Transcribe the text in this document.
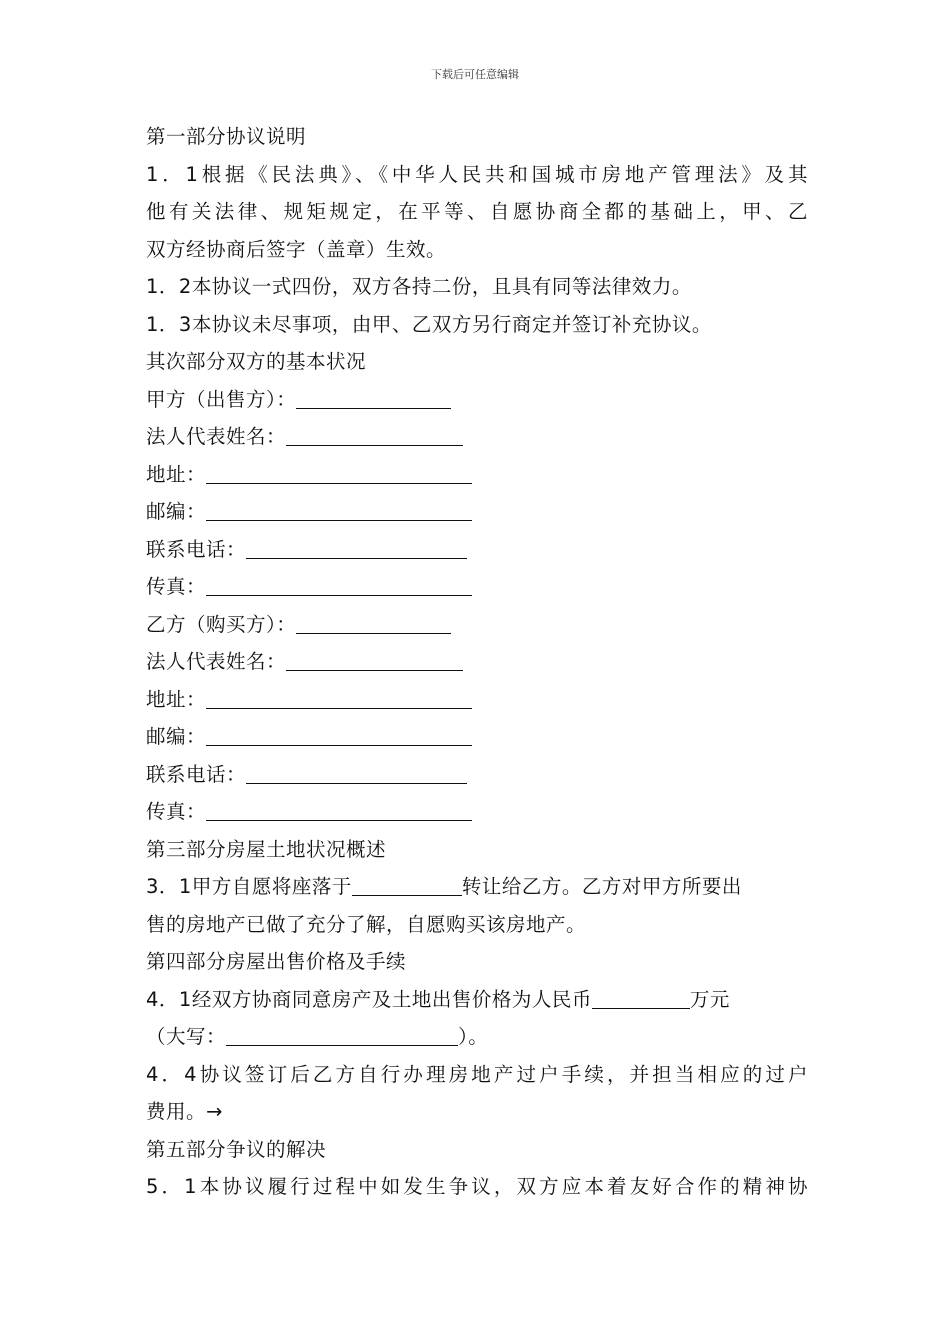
下载后可任意编辑
第一部分协议说明
1．1根据《民法典》、《中华人民共和国城市房地产管理法》及其
他有关法律、规矩规定，在平等、自愿协商全都的基础上，甲、乙
双方经协商后签字（盖章）生效。
1．2本协议一式四份，双方各持二份，且具有同等法律效力。
1．3本协议未尽事项，由甲、乙双方另行商定并签订补充协议。
其次部分双方的基本状况
甲方（出售方）：
法人代表姓名：
地址：
邮编：
联系电话：
传真：
乙方（购买方）：
法人代表姓名：
地址：
邮编：
联系电话：
传真：
第三部分房屋土地状况概述
3．1甲方自愿将座落于	转让给乙方。乙方对甲方所要出
售的房地产已做了充分了解，自愿购买该房地产。
第四部分房屋出售价格及手续
4．1经双方协商同意房产及土地出售价格为人民币	万元
（大写：	）。
4．4协议签订后乙方自行办理房地产过户手续，并担当相应的过户
费用。→
第五部分争议的解决
5．1本协议履行过程中如发生争议，双方应本着友好合作的精神协
